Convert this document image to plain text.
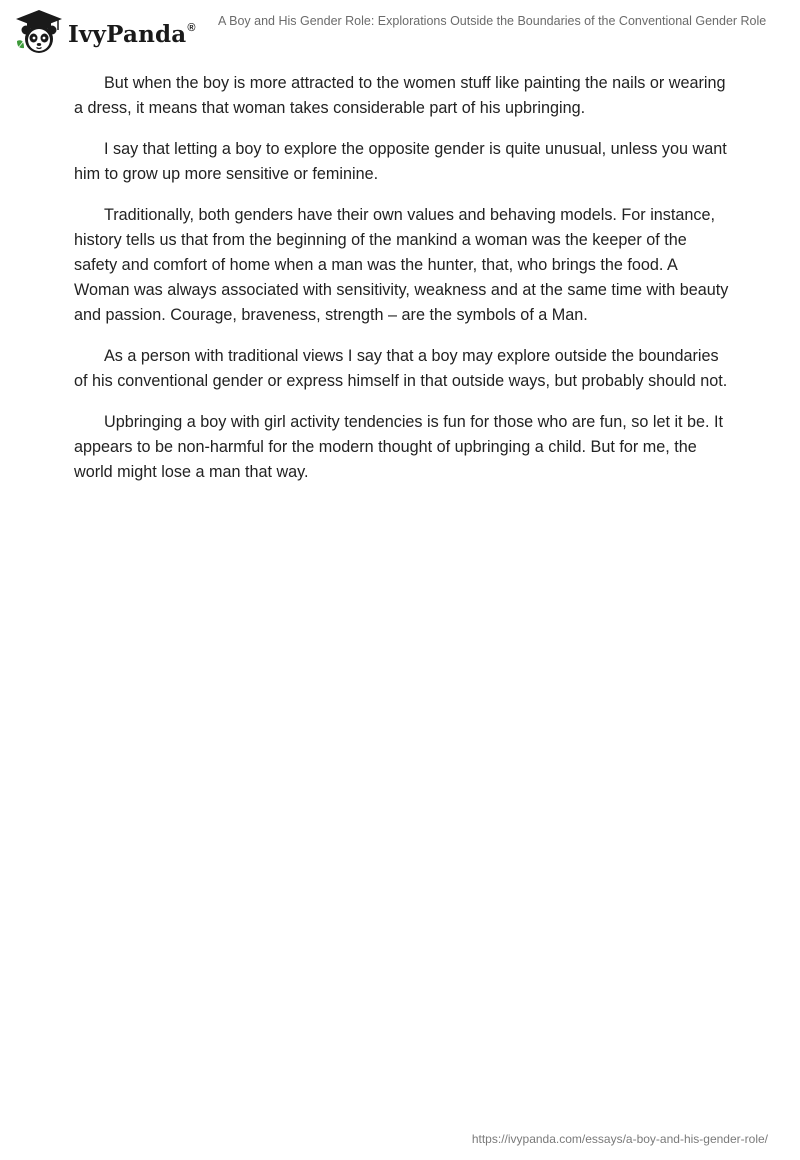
IvyPanda® A Boy and His Gender Role: Explorations Outside the Boundaries of the Conventional Gender Role

But when the boy is more attracted to the women stuff like painting the nails or wearing a dress, it means that woman takes considerable part of his upbringing.

I say that letting a boy to explore the opposite gender is quite unusual, unless you want him to grow up more sensitive or feminine.

Traditionally, both genders have their own values and behaving models. For instance, history tells us that from the beginning of the mankind a woman was the keeper of the safety and comfort of home when a man was the hunter, that, who brings the food. A Woman was always associated with sensitivity, weakness and at the same time with beauty and passion. Courage, braveness, strength – are the symbols of a Man.

As a person with traditional views I say that a boy may explore outside the boundaries of his conventional gender or express himself in that outside ways, but probably should not.

Upbringing a boy with girl activity tendencies is fun for those who are fun, so let it be. It appears to be non-harmful for the modern thought of upbringing a child. But for me, the world might lose a man that way.

https://ivypanda.com/essays/a-boy-and-his-gender-role/
